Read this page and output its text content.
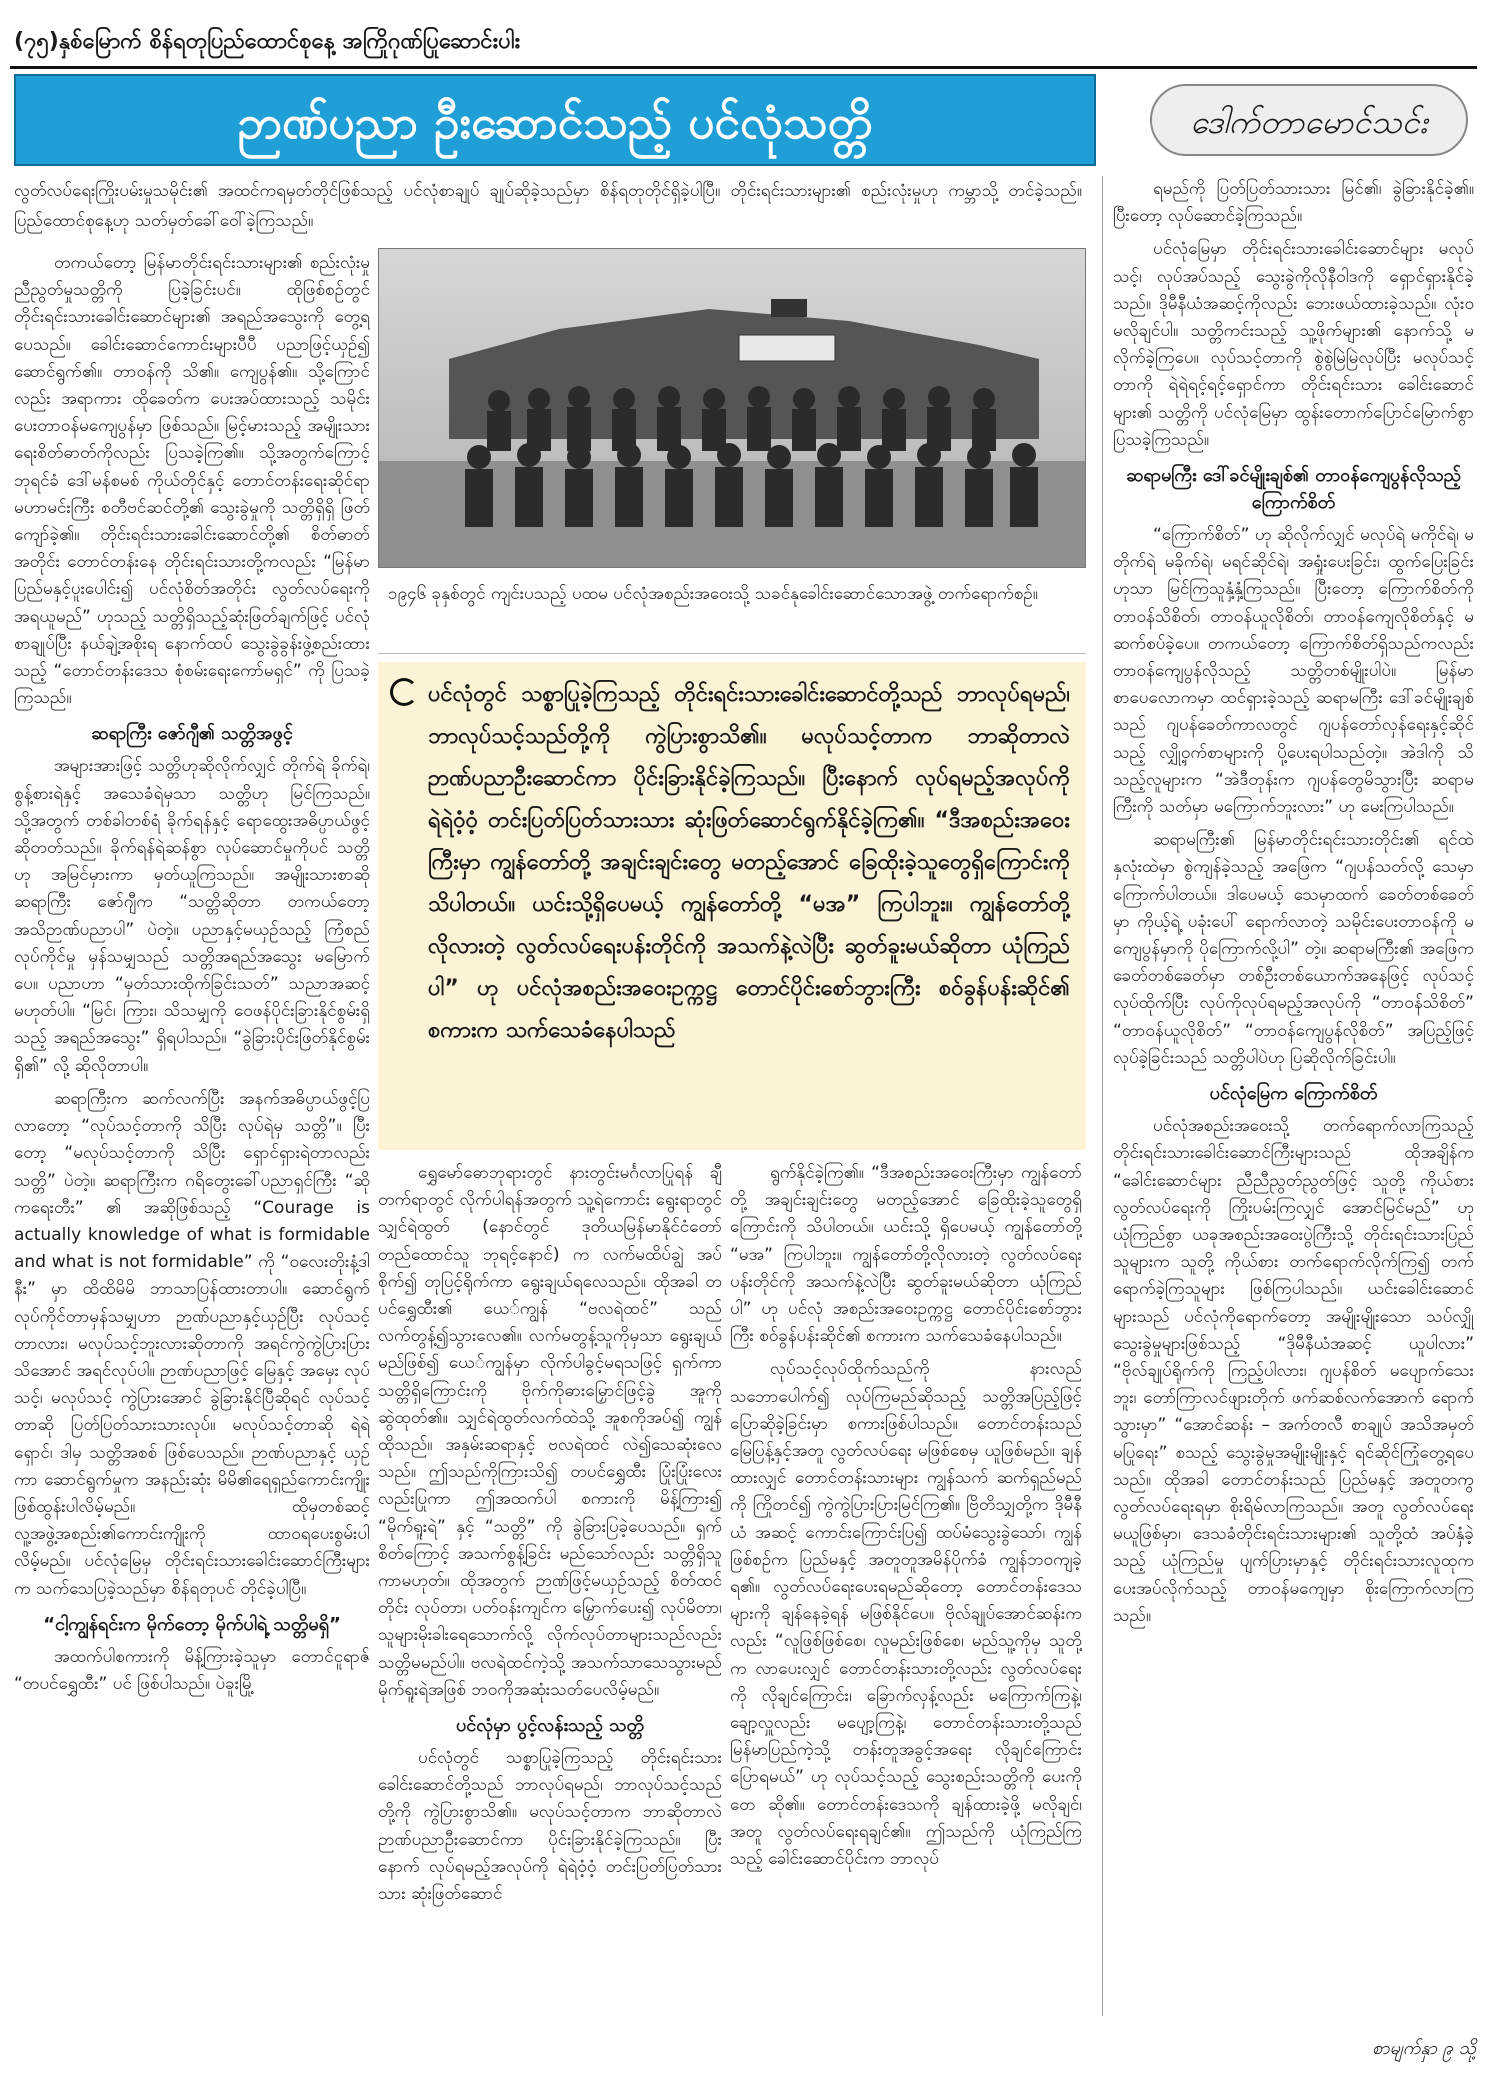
(၇၅)နှစ်မြောက် စိန်ရတုပြည်ထောင်စုနေ့ အကြိုဂုဏ်ပြုဆောင်းပါး
ဉာဏ်ပညာ ဦးဆောင်သည့် ပင်လုံသတ္တိ	ဒေါက်တာမောင်သင်း

လွတ်လပ်ရေးကြိုးပမ်းမှုသမိုင်း၏ အထင်ကရမှတ်တိုင်ဖြစ်သည့် ပင်လုံစာချုပ် ချုပ်ဆိုခဲ့သည်မှာ စိန်ရတုတိုင်ရှိခဲ့ပါပြီ။ တိုင်းရင်းသားများ၏ စည်းလုံးမှုဟု ကမ္ဘာသို့ တင်ခဲ့သည်။ ပြည်ထောင်စုနေ့ဟု သတ်မှတ်ခေါ်ဝေါ်ခဲ့ကြသည်။

တကယ်တော့ မြန်မာတိုင်းရင်းသားများ၏ စည်းလုံးမှု ညီညွတ်မှုသတ္တိကို ပြခဲ့ခြင်းပင်။ ထိုဖြစ်စဉ်တွင် တိုင်းရင်းသားခေါင်းဆောင်များ၏ အရည်အသွေးကို တွေ့ရပေသည်။ ခေါင်းဆောင်ကောင်းများပီပီ ပညာဖြင့်ယှဉ်၍ ဆောင်ရွက်၏။ တာဝန်ကို သိ၏။ ကျေပွန်၏။ သို့ကြောင်လည်း အရာကား ထိုခေတ်က ပေးအပ်ထားသည့် သမိုင်းပေးတာဝန်မကျေပွန်မှာ ဖြစ်သည်။ မြင့်မားသည့် အမျိုးသားရေးစိတ်ဓာတ်ကိုလည်း ပြသခဲ့ကြ၏။ သို့အတွက်ကြောင့် ဘုရင်ခံ ဒေါ်မန်စမစ် ကိုယ်တိုင်နှင့် တောင်တန်းရေးဆိုင်ရာ မဟာမင်းကြီး စတီဗင်ဆင်တို့၏ သွေးခွဲမှုကို သတ္တိရှိရှိ ဖြတ်ကျော်ခဲ့၏။ တိုင်းရင်းသားခေါင်းဆောင်တို့၏ စိတ်ဓာတ်အတိုင်း တောင်တန်းနေ တိုင်းရင်းသားတို့ကလည်း “မြန်မာပြည်မနှင့်ပူးပေါင်း၍ ပင်လုံစိတ်အတိုင်း လွတ်လပ်ရေးကို အရယူမည်” ဟုသည့် သတ္တိရှိသည့်ဆုံးဖြတ်ချက်ဖြင့် ပင်လုံစာချုပ်ပြီး နယ်ချဲ့အစိုးရ နောက်ထပ် သွေးခွဲခွန်းဖွဲ့စည်းထားသည့် “တောင်တန်းဒေသ စုံစမ်းရေးကော်မရှင်” ကို ပြသခဲ့ကြသည်။

ဆရာကြီး ဇော်ဂျီ၏ သတ္တိအဖွင့်

အများအားဖြင့် သတ္တိဟုဆိုလိုက်လျှင် တိုက်ရဲ ခိုက်ရဲ၊ စွန့်စားရဲနှင့် အသေခံရဲမှသာ သတ္တိဟု မြင်ကြသည်။ သို့အတွက် တစ်ခါတစ်ရံ ခိုက်ရန်နှင့် ရောထွေးအဓိပ္ပာယ်ဖွင့်ဆိုတတ်သည်။ ခိုက်ရန်ရဲဆန်စွာ လုပ်ဆောင်မှုကိုပင် သတ္တိဟု အမြင်မှားကာ မှတ်ယူကြသည်။ အမျိုးသားစာဆို ဆရာကြီး ဇော်ဂျီက “သတ္တိဆိုတာ တကယ်တော့ အသိဉာဏ်ပညာပါ” ပဲတဲ့။ ပညာနှင့်မယှဉ်သည့် ကြံစည်လုပ်ကိုင်မှု မှန်သမျှသည် သတ္တိအရည်အသွေး မမြောက်ပေ။ ပညာဟာ “မှတ်သားထိုက်ခြင်းသတ်” သညာအဆင့် မဟုတ်ပါ။ “မြင်၊ ကြား၊ သိသမျှကို ဝေဖန်ပိုင်းခြားနိုင်စွမ်းရှိသည့် အရည်အသွေး” ရှိရပါသည်။ “ခွဲခြားပိုင်းဖြတ်နိုင်စွမ်းရှိ၏” လို့ ဆိုလိုတာပါ။

ဆရာကြီးက ဆက်လက်ပြီး အနက်အဓိပ္ပာယ်ဖွင့်ပြလာတော့ “လုပ်သင့်တာကို သိပြီး လုပ်ရဲမှ သတ္တိ”။ ပြီးတော့ “မလုပ်သင့်တာကို သိပြီး ရှောင်ရှားရဲတာလည်း သတ္တိ” ပဲတဲ့။ ဆရာကြီးက ဂရိတွေးခေါ်ပညာရှင်ကြီး “ဆိုကရေးတီး” ၏ အဆိုဖြစ်သည့် “Courage is actually knowledge of what is formidable and what is not formidable” ကို “ဝလေးတိုးနံ့ဒါနီး” မှာ ထိထိမိမိ ဘာသာပြန်ထားတာပါ။ ဆောင်ရွက်လုပ်ကိုင်တာမှန်သမျှဟာ ဉာဏ်ပညာနှင့်ယှဉ်ပြီး လုပ်သင့်တာလား၊ မလုပ်သင့်ဘူးလားဆိုတာကို အရင်ကွဲကွဲပြားပြားသိအောင် အရင်လုပ်ပါ။ ဉာဏ်ပညာဖြင့် မြေနှင့် အမှေး လုပ်သင့်၊ မလုပ်သင့် ကွဲပြားအောင် ခွဲခြားနိုင်ပြီဆိုရင် လုပ်သင့်တာဆို ပြတ်ပြတ်သားသားလုပ်။ မလုပ်သင့်တာဆို ရဲရဲရှောင်၊ ဒါမှ သတ္တိအစစ် ဖြစ်ပေသည်။ ဉာဏ်ပညာနှင့် ယှဉ်ကာ ဆောင်ရွက်မှုက အနည်းဆုံး မိမိ၏ရေရှည်ကောင်းကျိုးဖြစ်ထွန်းပါလိမ့်မည်။ ထိုမှတစ်ဆင့် လူ့အဖွဲ့အစည်း၏ကောင်းကျိုးကို ထာဝရပေးစွမ်းပါလိမ့်မည်။ ပင်လုံမြေမှ တိုင်းရင်းသားခေါင်းဆောင်ကြီးများက သက်သေပြခဲ့သည်မှာ စိန်ရတုပင် တိုင်ခဲ့ပါပြီ။

“ငါ့ကျွန်ရင်းက မိုက်တော့ မိုက်ပါရဲ့ သတ္တိမရှိ”

အထက်ပါစကားကို မိန့်ကြားခဲ့သူမှာ တောင်ငူရာဇ် “တပင်ရွှေထီး” ပင် ဖြစ်ပါသည်။ ပဲခူးမြို့

၁၉၄၆ ခုနှစ်တွင် ကျင်းပသည့် ပထမ ပင်လုံအစည်းအဝေးသို့ သခင်နုခေါင်းဆောင်သောအဖွဲ့ တက်ရောက်စဉ်။
ပင်လုံတွင် သစ္စာပြုခဲ့ကြသည့် တိုင်းရင်းသားခေါင်းဆောင်တို့သည် ဘာလုပ်ရမည်၊ ဘာလုပ်သင့်သည်တို့ကို ကွဲပြားစွာသိ၏။ မလုပ်သင့်တာက ဘာဆိုတာလဲ ဉာဏ်ပညာဦးဆောင်ကာ ပိုင်းခြားနိုင်ခဲ့ကြသည်။ ပြီးနောက် လုပ်ရမည့်အလုပ်ကို ရဲရဲဝံ့ဝံ့ တင်းပြတ်ပြတ်သားသား ဆုံးဖြတ်ဆောင်ရွက်နိုင်ခဲ့ကြ၏။ “ဒီအစည်းအဝေးကြီးမှာ ကျွန်တော်တို့ အချင်းချင်းတွေ မတည့်အောင် ခြေထိုးခဲ့သူတွေရှိကြောင်းကို သိပါတယ်။ ယင်းသို့ရှိပေမယ့် ကျွန်တော်တို့ “မအ” ကြပါဘူး။ ကျွန်တော်တို့လိုလားတဲ့ လွတ်လပ်ရေးပန်းတိုင်ကို အသက်နဲ့လဲပြီး ဆွတ်ခူးမယ်ဆိုတာ ယုံကြည်ပါ” ဟု ပင်လုံအစည်းအဝေးဥက္ကဋ္ဌ တောင်ပိုင်းစော်ဘွားကြီး စဝ်ခွန်ပန်းဆိုင်၏ စကားက သက်သေခံနေပါသည်

ရွှေမော်ဓောဘုရားတွင် နားတွင်းမင်္ဂလာပြုရန် ချီတက်ရာတွင် လိုက်ပါရန်အတွက် သူ့ရဲကောင်း ရွေးရာတွင် သျှင်ရဲထွတ် (နောင်တွင် ဒုတိယမြန်မာနိုင်ငံတော် တည်ထောင်သူ ဘုရင့်နောင်) က လက်မထိပ်ချွဲ အပ်စိုက်၍ တုပြင့်ရိုက်ကာ ရွေးချယ်ရလေသည်။ ထိုအခါ တပင်ရွှေထီး၏ ယေ်ကျွန် “ဗလရဲထင်” သည် လက်တွန့်၍သွားလေ၏။ လက်မတွန့်သူကိုမှသာ ရွေးချယ်မည်ဖြစ်၍ ယေ်ကျွန်မှာ လိုက်ပါခွင့်မရသဖြင့် ရှက်ကာ သတ္တိရှိကြောင်းကို ဗိုက်ကိုဓားမြှောင်ဖြင့်ခွဲ အူကိုဆွဲထုတ်၏။ သျှင်ရဲထွတ်လက်ထဲသို့ အူစကိုအပ်၍ ကျွန်ထိုသည်။ အနှမ်းဆရာနှင့် ဗလရဲထင် လဲ၍သေဆုံးလေသည်။ ဤသည်ကိုကြားသိ၍ တပင်ရွှေထီး ပြုံးပြုံးလေးလည်းပြုကာ ဤအထက်ပါ စကားကို မိန့်ကြား၍ “မိုက်ရူးရဲ” နှင့် “သတ္တိ” ကို ခွဲခြားပြခဲ့ပေသည်။ ရှက်စိတ်ကြောင့် အသက်စွန့်ခြင်း မည်သော်လည်း သတ္တိရှိသူကာမဟုတ်။ ထိုအတွက် ဉာဏ်ဖြင့်မယှဉ်သည့် စိတ်ထင်တိုင်း လုပ်တာ၊ ပတ်ဝန်းကျင်က မြှောက်ပေး၍ လုပ်မိတာ၊ သူများမိုးခါးရေသောက်လို့ လိုက်လုပ်တာများသည်လည်း သတ္တိမမည်ပါ။ ဗလရဲထင်ကဲ့သို့ အသက်သာသေသွားမည် မိုက်ရူးရဲအဖြစ် ဘဝကိုအဆုံးသတ်ပေလိမ့်မည်။

ပင်လုံမှာ ပွင့်လန်းသည့် သတ္တိ

ပင်လုံတွင် သစ္စာပြုခဲ့ကြသည့် တိုင်းရင်းသားခေါင်းဆောင်တို့သည် ဘာလုပ်ရမည်၊ ဘာလုပ်သင့်သည်တို့ကို ကွဲပြားစွာသိ၏။ မလုပ်သင့်တာက ဘာဆိုတာလဲ ဉာဏ်ပညာဦးဆောင်ကာ ပိုင်းခြားနိုင်ခဲ့ကြသည်။ ပြီးနောက် လုပ်ရမည့်အလုပ်ကို ရဲရဲဝံ့ဝံ့ တင်းပြတ်ပြတ်သားသား ဆုံးဖြတ်ဆောင်

ရွက်နိုင်ခဲ့ကြ၏။ “ဒီအစည်းအဝေးကြီးမှာ ကျွန်တော်တို့ အချင်းချင်းတွေ မတည့်အောင် ခြေထိုးခဲ့သူတွေရှိကြောင်းကို သိပါတယ်။ ယင်းသို့ ရှိပေမယ့် ကျွန်တော်တို့ “မအ” ကြပါဘူး။ ကျွန်တော်တို့လိုလားတဲ့ လွတ်လပ်ရေးပန်းတိုင်ကို အသက်နဲ့လဲပြီး ဆွတ်ခူးမယ်ဆိုတာ ယုံကြည်ပါ” ဟု ပင်လုံ အစည်းအဝေးဥက္ကဋ္ဌ တောင်ပိုင်းစော်ဘွားကြီး စဝ်ခွန်ပန်းဆိုင်၏ စကားက သက်သေခံနေပါသည်။

လုပ်သင့်လုပ်ထိုက်သည်ကို နားလည်သဘောပေါက်၍ လုပ်ကြမည်ဆိုသည့် သတ္တိအပြည့်ဖြင့် ပြောဆိုခဲ့ခြင်းမှာ စကားဖြစ်ပါသည်။ တောင်တန်းသည် မြေပြန့်နှင့်အတူ လွတ်လပ်ရေး မဖြစ်စေမှ ယူဖြစ်မည်။ ချန်ထားလျှင် တောင်တန်းသားများ ကျွန်သက် ဆက်ရှည်မည်ကို ကြိုတင်၍ ကွဲကွဲပြားပြားမြင်ကြ၏။ ဗြိတိသျှတို့က ဒိုမီနီယံ အဆင့် ကောင်းကြောင်းပြ၍ ထပ်မံသွေးခွဲသော်၊ ကျွန်ဖြစ်စဉ်က ပြည်မနှင့် အတူတူအမိန်ပိုက်ခံ ကျွန်ဘဝကျခဲ့ရ၏။ လွတ်လပ်ရေးပေးရမည်ဆိုတော့ တောင်တန်းဒေသများကို ချန်နေခဲ့ရန် မဖြစ်နိုင်ပေ။ ဗိုလ်ချုပ်အောင်ဆန်းကလည်း “လူဖြစ်ဖြစ်စေ၊ လူမည်းဖြစ်စေ၊ မည်သူ့ကိုမှ သူတို့က လာပေးလျှင် တောင်တန်းသားတို့လည်း လွတ်လပ်ရေးကို လိုချင်ကြောင်း၊ ခြောက်လှန့်လည်း မကြောက်ကြနဲ့၊ ချော့လှူလည်း မပျော့ကြနဲ့၊ တောင်တန်းသားတို့သည် မြန်မာပြည်ကဲ့သို့ တန်းတူအခွင့်အရေး လိုချင်ကြောင်း ပြောရမယ်” ဟု လုပ်သင့်သည့် သွေးစည်းသတ္တိကို ပေးကိုဝော ဆို၏။ တောင်တန်းဒေသကို ချန်ထားခဲ့ဖို့ မလိုချင်၊ အတူ လွတ်လပ်ရေးရချင်၏။ ဤသည်ကို ယုံကြည်ကြသည့် ခေါင်းဆောင်ပိုင်းက ဘာလုပ်

ရမည်ကို ပြတ်ပြတ်သားသား မြင်၏၊ ခွဲခြားနိုင်ခဲ့၏။ ပြီးတော့ လုပ်ဆောင်ခဲ့ကြသည်။

ပင်လုံမြေမှာ တိုင်းရင်းသားခေါင်းဆောင်များ မလုပ်သင့်၊ လုပ်အပ်သည့် သွေးခွဲကိုလိုနီဝါဒကို ရှောင်ရှားနိုင်ခဲ့သည်။ ဒိုမီနီယံအဆင့်ကိုလည်း ဘေးဖယ်ထားခဲ့သည်။ လုံးဝမလိုချင်ပါ။ သတ္တိကင်းသည့် သူ့ဖိုက်များ၏ နောက်သို့ မလိုက်ခဲ့ကြပေ။ လုပ်သင့်တာကို စွဲစွဲမြဲမြဲလုပ်ပြီး မလုပ်သင့်တာကို ရဲရဲရင့်ရင့်ရှောင်ကာ တိုင်းရင်းသား ခေါင်းဆောင်များ၏ သတ္တိကို ပင်လုံမြေမှာ ထွန်းတောက်ပြောင်မြောက်စွာ ပြသခဲ့ကြသည်။

ဆရာမကြီး ဒေါ်ခင်မျိုးချစ်၏ တာဝန်ကျေပွန်လိုသည့် ကြောက်စိတ်

“ကြောက်စိတ်” ဟု ဆိုလိုက်လျှင် မလုပ်ရဲ မကိုင်ရဲ၊ မတိုက်ရဲ မခိုက်ရဲ၊ မရင်ဆိုင်ရဲ၊ အရှုံးပေးခြင်း၊ ထွက်ပြေးခြင်းဟုသာ မြင်ကြသူနှံ့နှံ့ကြသည်။ ပြီးတော့ ကြောက်စိတ်ကို တာဝန်သိစိတ်၊ တာဝန်ယူလိုစိတ်၊ တာဝန်ကျေလိုစိတ်နှင့် မဆက်စပ်ခဲ့ပေ။ တကယ်တော့ ကြောက်စိတ်ရှိသည်ကလည်း တာဝန်ကျေပွန်လိုသည့် သတ္တိတစ်မျိုးပါပဲ။ မြန်မာစာပေလောကမှာ ထင်ရှားခဲ့သည့် ဆရာမကြီး ဒေါ်ခင်မျိုးချစ်သည် ဂျပန်ခေတ်ကာလတွင် ဂျပန်တော်လှန်ရေးနှင့်ဆိုင်သည့် လျှို့ဝှက်စာများကို ပို့ပေးရပါသည်တဲ့။ အဲဒါကို သိသည့်လူများက “အဲဒီတုန်းက ဂျပန်တွေမိသွားပြီး ဆရာမကြီးကို သတ်မှာ မကြောက်ဘူးလား” ဟု မေးကြပါသည်။

ဆရာမကြီး၏ မြန်မာတိုင်းရင်းသားတိုင်း၏ ရင်ထဲနှလုံးထဲမှာ စွဲကျန်ခဲ့သည့် အဖြေက “ဂျပန်သတ်လို့ သေမှာကြောက်ပါတယ်။ ဒါပေမယ့် သေမှာထက် ခေတ်တစ်ခေတ်မှာ ကိုယ့်ရဲ့ ပခုံးပေါ် ရောက်လာတဲ့ သမိုင်းပေးတာဝန်ကို မကျေပွန်မှာကို ပိုကြောက်လို့ပါ” တဲ့။ ဆရာမကြီး၏ အဖြေက ခေတ်တစ်ခေတ်မှာ တစ်ဦးတစ်ယောက်အနေဖြင့် လုပ်သင့်လုပ်ထိုက်ပြီး လုပ်ကိုလုပ်ရမည့်အလုပ်ကို “တာဝန်သိစိတ်” “တာဝန်ယူလိုစိတ်” “တာဝန်ကျေပွန်လိုစိတ်” အပြည့်ဖြင့် လုပ်ခဲ့ခြင်းသည် သတ္တိပါပဲဟု ပြဆိုလိုက်ခြင်းပါ။

ပင်လုံမြေက ကြောက်စိတ်

ပင်လုံအစည်းအဝေးသို့ တက်ရောက်လာကြသည့် တိုင်းရင်းသားခေါင်းဆောင်ကြီးများသည် ထိုအချိန်က “ခေါင်းဆောင်များ ညီညီညွတ်ညွတ်ဖြင့် သူတို့ ကိုယ်စား လွတ်လပ်ရေးကို ကြိုးပမ်းကြလျှင် အောင်မြင်မည်” ဟု ယုံကြည်စွာ ယခုအစည်းအဝေးပွဲကြီးသို့ တိုင်းရင်းသားပြည်သူများက သူတို့ ကိုယ်စား တက်ရောက်လိုက်ကြ၍ တက်ရောက်ခဲ့ကြသူများ ဖြစ်ကြပါသည်။ ယင်းခေါင်းဆောင်များသည် ပင်လုံကိုရောက်တော့ အမျိုးမျိုးသော သပ်လျှိုသွေးခွဲမှုများဖြစ်သည့် “ဒိုမီနီယံအဆင့် ယူပါလား” “ဗိုလ်ချုပ်ရိုက်ကို ကြည့်ပါလား၊ ဂျပန်စိတ် မပျောက်သေးဘူး၊ တော်ကြာလင်ဖျားတိုက် ဖက်ဆစ်လက်အောက် ရောက်သွားမှာ” “အောင်ဆန်း – အက်တလီ စာချုပ် အသိအမှတ် မပြုရေး” စသည့် သွေးခွဲမှုအမျိုးမျိုးနှင့် ရင်ဆိုင်ကြုံတွေ့ရပေသည်။ ထိုအခါ တောင်တန်းသည် ပြည်မနှင့် အတူတကွ လွတ်လပ်ရေးရမှာ စိုးရိမ်လာကြသည်။ အတူ လွတ်လပ်ရေး မယူဖြစ်မှာ၊ ဒေသခံတိုင်းရင်းသားများ၏ သူတို့ထံ အပ်နှံခဲ့သည့် ယုံကြည်မှု ပျက်ပြားမှာနှင့် တိုင်းရင်းသားလူထုကပေးအပ်လိုက်သည့် တာဝန်မကျေမှာ စိုးကြောက်လာကြသည်။

စာမျက်နှာ ၉ သို့
